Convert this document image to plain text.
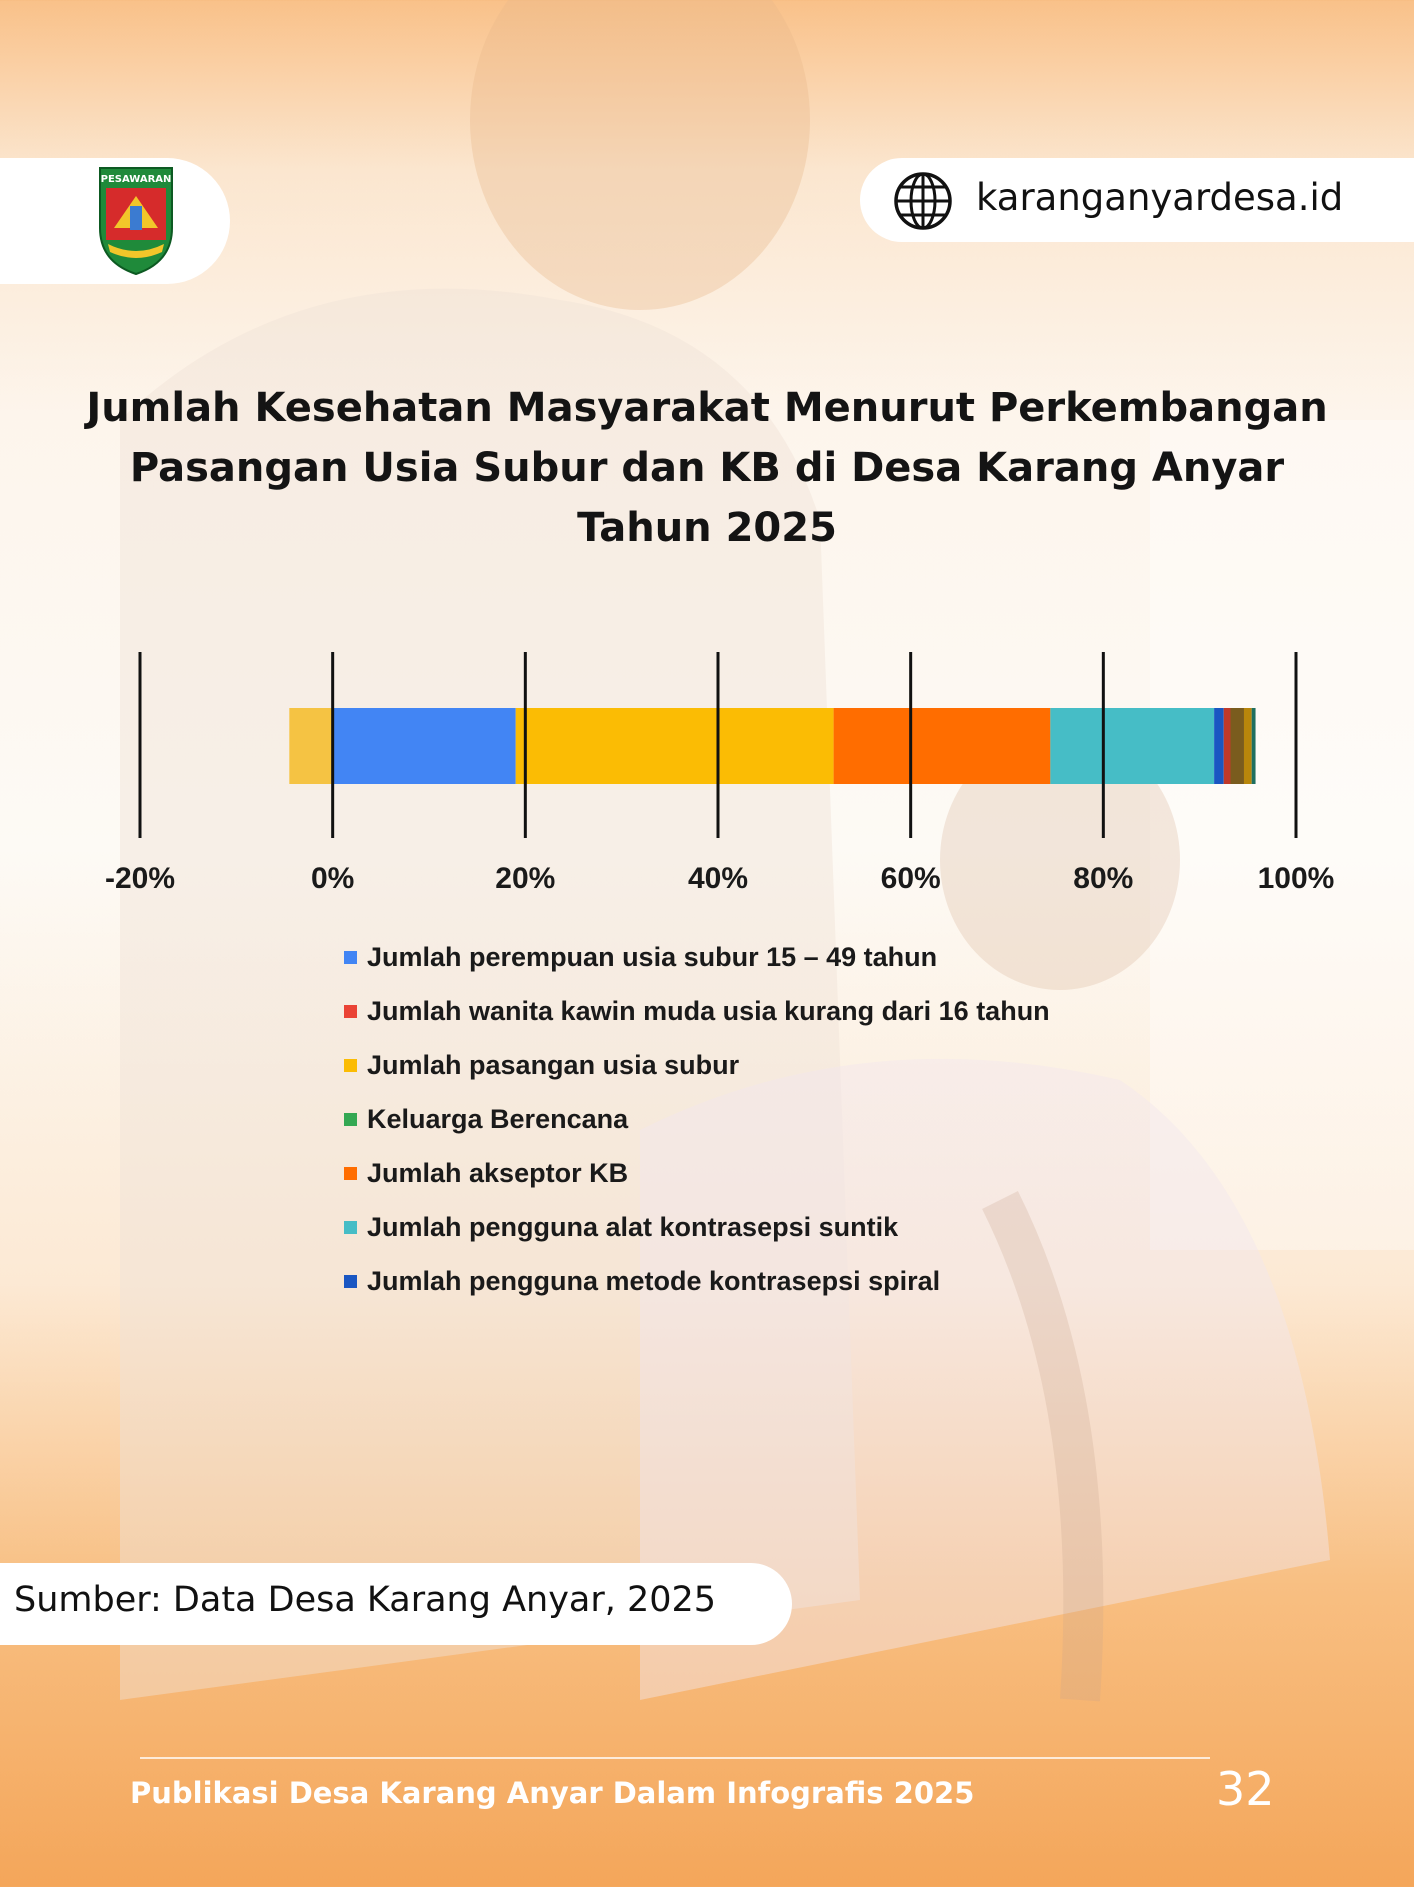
PESAWARAN	karanganyardesa.id
Jumlah Kesehatan Masyarakat Menurut Perkembangan
Pasangan Usia Subur dan KB di Desa Karang Anyar
Tahun 2025
-20%	0%	20%	40%	60%	80%	100%
Jumlah perempuan usia subur 15 – 49 tahun
Jumlah wanita kawin muda usia kurang dari 16 tahun
Jumlah pasangan usia subur
Keluarga Berencana
Jumlah akseptor KB
Jumlah pengguna alat kontrasepsi suntik
Jumlah pengguna metode kontrasepsi spiral
Sumber: Data Desa Karang Anyar, 2025
Publikasi Desa Karang Anyar Dalam Infografis 2025	32
